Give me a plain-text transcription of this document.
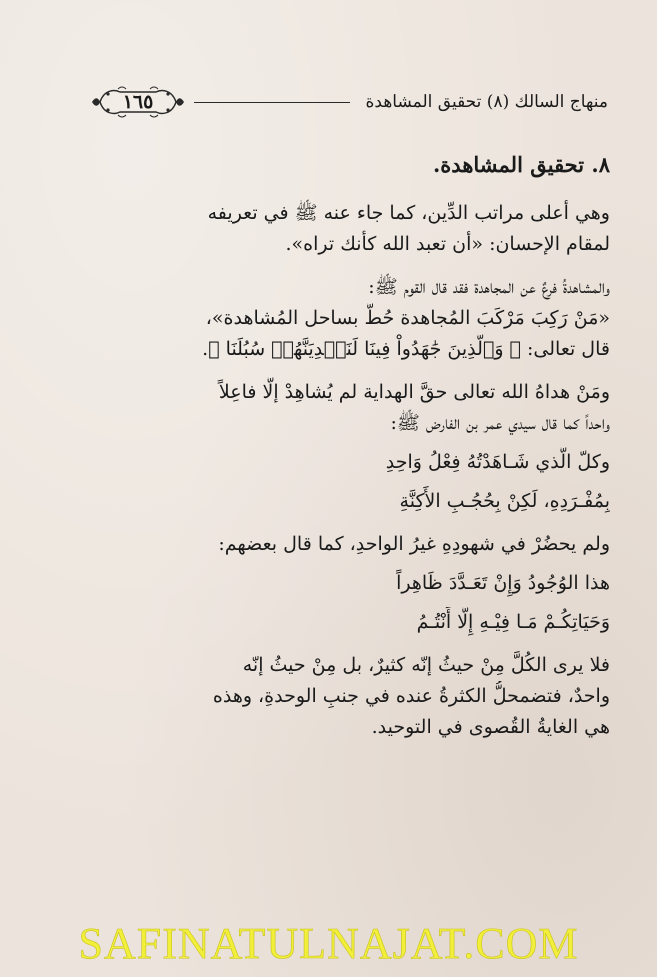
منهاج السالك (٨) تحقيق المشاهدة
١٦٥
٨. تحقيق المشاهدة.
وهي أعلى مراتب الدِّين، كما جاء عنه ﷺ في تعريفه
لمقام الإحسان: «أن تعبد الله كأنك تراه».
والمشاهدةُ فرعٌ عن المجاهدة فقد قال القوم ﷺ:
«مَنْ رَكِبَ مَرْكَبَ المُجاهدة حُطَّ بساحل المُشاهدة»،
قال تعالى: ﴿ وَٱلَّذِينَ جَٰهَدُواْ فِينَا لَنَهۡدِيَنَّهُمۡ سُبُلَنَا ﴾.
ومَنْ هداهُ الله تعالى حقَّ الهداية لم يُشاهِدْ إلَّا فاعِلاً
واحداً كما قال سيدي عمر بن الفارض ﷺ:
وكلّ الَّذي شَـاهَدْتُهُ فِعْلُ وَاحِدِ
بِمُفْـرَدِهِ، لَكِنْ بِحُجُـبِ الأَكِنَّةِ
ولم يحضُرْ في شهودِهِ غيرُ الواحدِ، كما قال بعضهم:
هذا الوُجُودُ وَإِنْ تَعَـدَّدَ ظَاهِراً
وَحَيَاتِكُـمْ مَـا فِيْـهِ إِلَّا أَنْتُـمُ
فلا يرى الكُلَّ مِنْ حيثُ إنّه كثيرٌ، بل مِنْ حيثُ إنّه
واحدٌ، فتضمحلُّ الكثرةُ عنده في جنبِ الوحدةِ، وهذه
هي الغايةُ القُصوى في التوحيد.
SAFINATULNAJAT.COM
